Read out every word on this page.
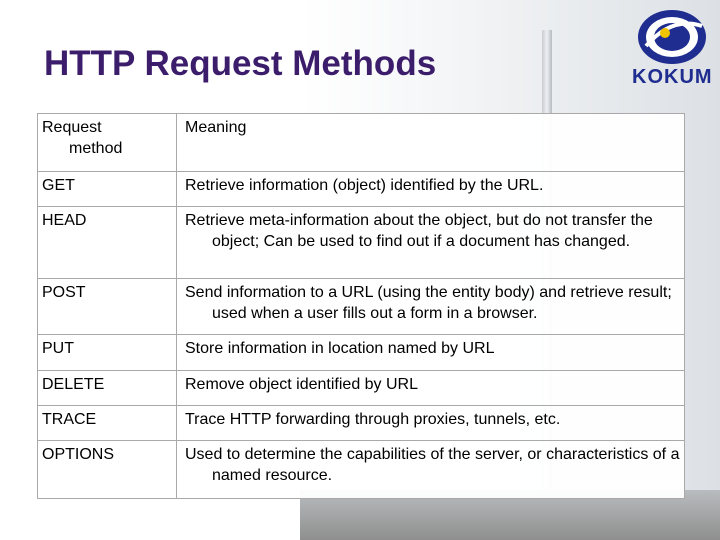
HTTP Request Methods	KOKUM
Request
method	Meaning
GET	Retrieve information (object) identified by the URL.

HEAD	Retrieve meta-information about the object, but do not transfer the object; Can be used to find out if a document has changed.

POST	Send information to a URL (using the entity body) and retrieve result; used when a user fills out a form in a browser.

PUT	Store information in location named by URL

DELETE	Remove object identified by URL

TRACE	Trace HTTP forwarding through proxies, tunnels, etc.

OPTIONS	Used to determine the capabilities of the server, or characteristics of a named resource.
